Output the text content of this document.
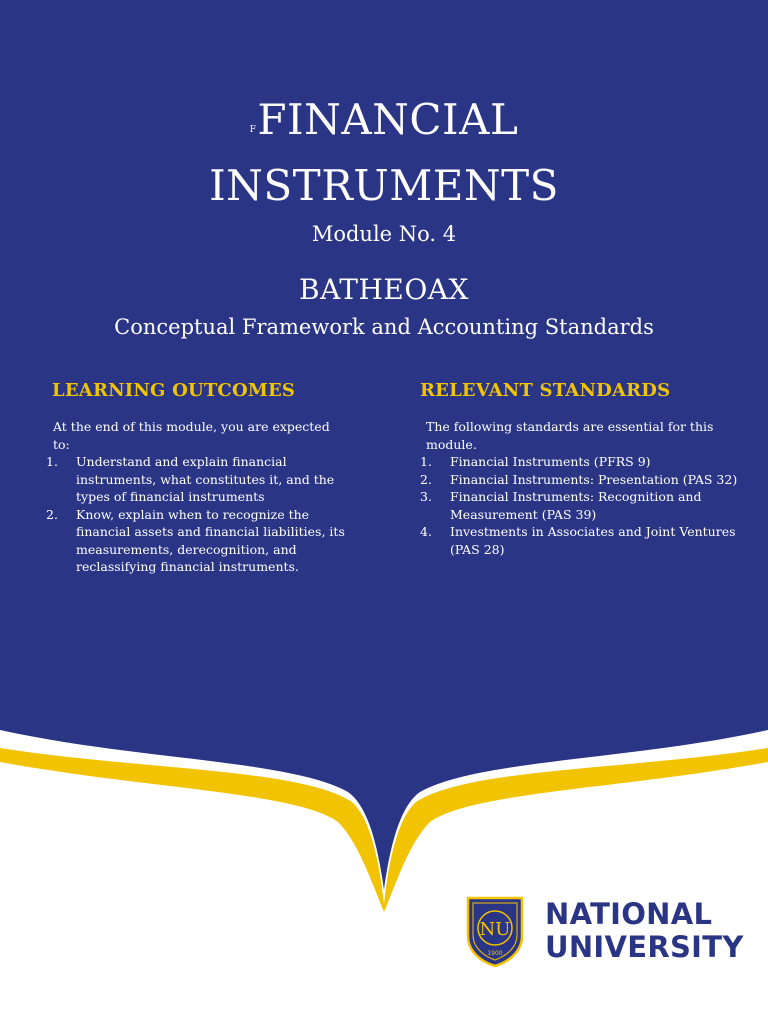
FFINANCIAL
INSTRUMENTS
Module No. 4
BATHEOAX
Conceptual Framework and Accounting Standards
LEARNING OUTCOMES

At the end of this module, you are expected to:

1. Understand and explain financial instruments, what constitutes it, and the types of financial instruments
2. Know, explain when to recognize the financial assets and financial liabilities, its measurements, derecognition, and reclassifying financial instruments.
RELEVANT STANDARDS

The following standards are essential for this module.

1. Financial Instruments (PFRS 9)
2. Financial Instruments: Presentation (PAS 32)
3. Financial Instruments: Recognition and Measurement (PAS 39)
4. Investments in Associates and Joint Ventures (PAS 28)
NU
1900
NATIONAL
UNIVERSITY
